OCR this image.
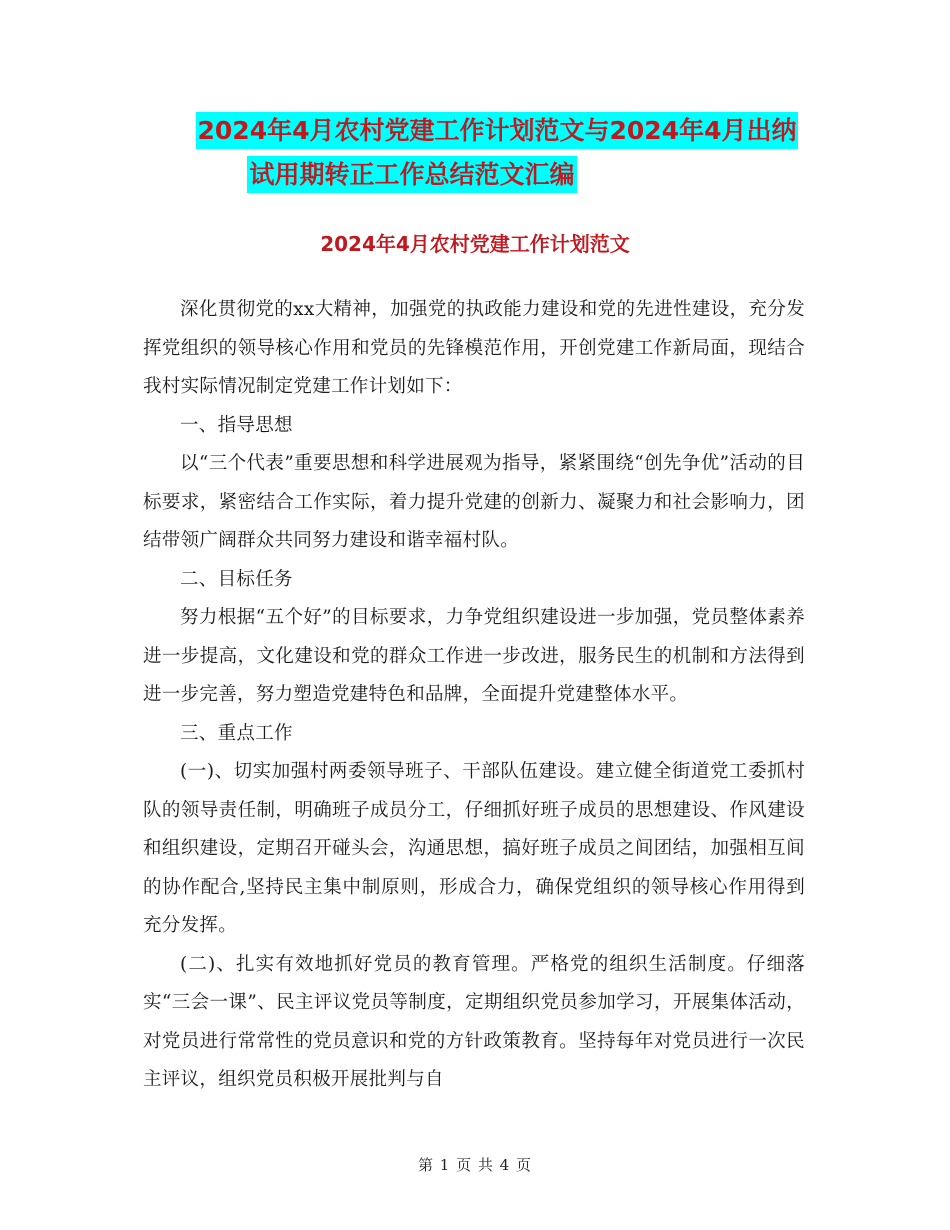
2024年4月农村党建工作计划范文与2024年4月出纳
试用期转正工作总结范文汇编
2024年4月农村党建工作计划范文

深化贯彻党的xx大精神，加强党的执政能力建设和党的先进性建设，充分发挥党组织的领导核心作用和党员的先锋模范作用，开创党建工作新局面，现结合我村实际情况制定党建工作计划如下：

一、指导思想

以“三个代表”重要思想和科学进展观为指导，紧紧围绕“创先争优”活动的目标要求，紧密结合工作实际，着力提升党建的创新力、凝聚力和社会影响力，团结带领广阔群众共同努力建设和谐幸福村队。

二、目标任务

努力根据“五个好”的目标要求，力争党组织建设进一步加强，党员整体素养进一步提高，文化建设和党的群众工作进一步改进，服务民生的机制和方法得到进一步完善，努力塑造党建特色和品牌，全面提升党建整体水平。

三、重点工作

(一)、切实加强村两委领导班子、干部队伍建设。建立健全街道党工委抓村队的领导责任制，明确班子成员分工，仔细抓好班子成员的思想建设、作风建设和组织建设，定期召开碰头会，沟通思想，搞好班子成员之间团结，加强相互间的协作配合,坚持民主集中制原则，形成合力，确保党组织的领导核心作用得到充分发挥。

(二)、扎实有效地抓好党员的教育管理。严格党的组织生活制度。仔细落实“三会一课”、民主评议党员等制度，定期组织党员参加学习，开展集体活动，对党员进行常常性的党员意识和党的方针政策教育。坚持每年对党员进行一次民主评议，组织党员积极开展批判与自

第 1 页 共 4 页
